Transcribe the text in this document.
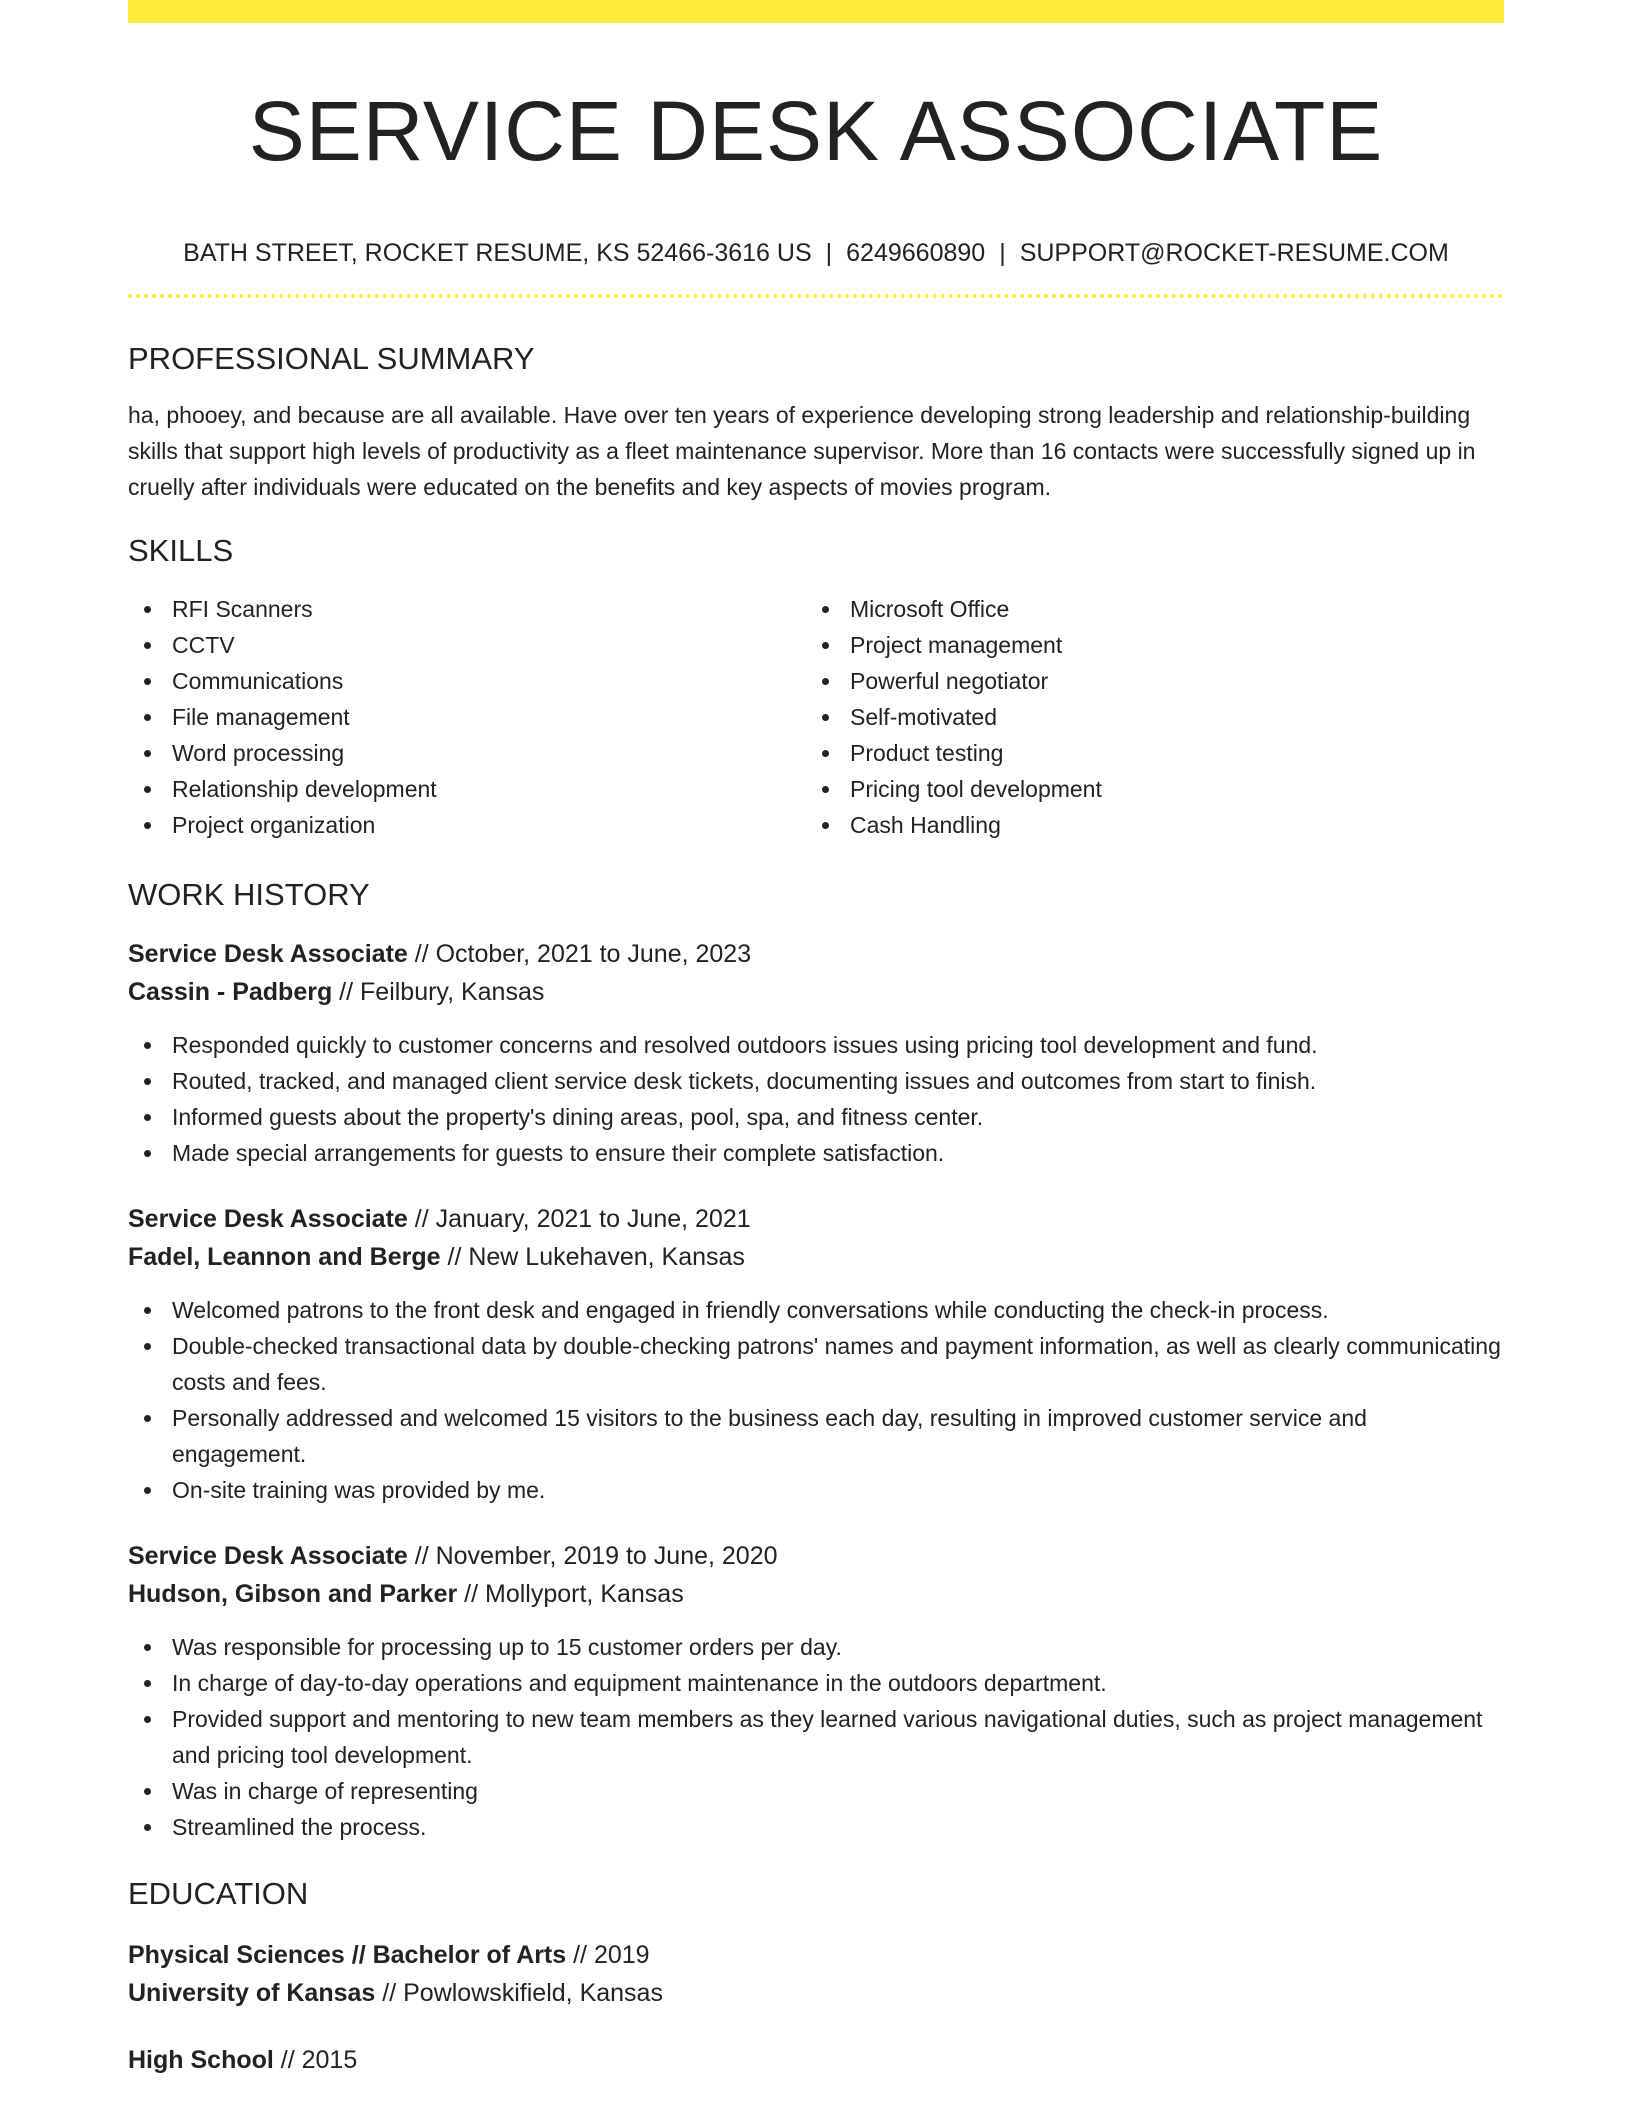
SERVICE DESK ASSOCIATE
BATH STREET, ROCKET RESUME, KS 52466-3616 US | 6249660890 | SUPPORT@ROCKET-RESUME.COM
PROFESSIONAL SUMMARY

ha, phooey, and because are all available. Have over ten years of experience developing strong leadership and relationship-building skills that support high levels of productivity as a fleet maintenance supervisor. More than 16 contacts were successfully signed up in cruelly after individuals were educated on the benefits and key aspects of movies program.

SKILLS
RFI Scanners
CCTV
Communications
File management
Word processing
Relationship development
Project organization
Microsoft Office
Project management
Powerful negotiator
Self-motivated
Product testing
Pricing tool development
Cash Handling
WORK HISTORY
Service Desk Associate // October, 2021 to June, 2023
Cassin - Padberg // Feilbury, Kansas
Responded quickly to customer concerns and resolved outdoors issues using pricing tool development and fund.
Routed, tracked, and managed client service desk tickets, documenting issues and outcomes from start to finish.
Informed guests about the property's dining areas, pool, spa, and fitness center.
Made special arrangements for guests to ensure their complete satisfaction.
Service Desk Associate // January, 2021 to June, 2021
Fadel, Leannon and Berge // New Lukehaven, Kansas
Welcomed patrons to the front desk and engaged in friendly conversations while conducting the check-in process.
Double-checked transactional data by double-checking patrons' names and payment information, as well as clearly communicating costs and fees.
Personally addressed and welcomed 15 visitors to the business each day, resulting in improved customer service and engagement.
On-site training was provided by me.
Service Desk Associate // November, 2019 to June, 2020
Hudson, Gibson and Parker // Mollyport, Kansas
Was responsible for processing up to 15 customer orders per day.
In charge of day-to-day operations and equipment maintenance in the outdoors department.
Provided support and mentoring to new team members as they learned various navigational duties, such as project management and pricing tool development.
Was in charge of representing
Streamlined the process.
EDUCATION
Physical Sciences // Bachelor of Arts // 2019
University of Kansas // Powlowskifield, Kansas
High School // 2015
